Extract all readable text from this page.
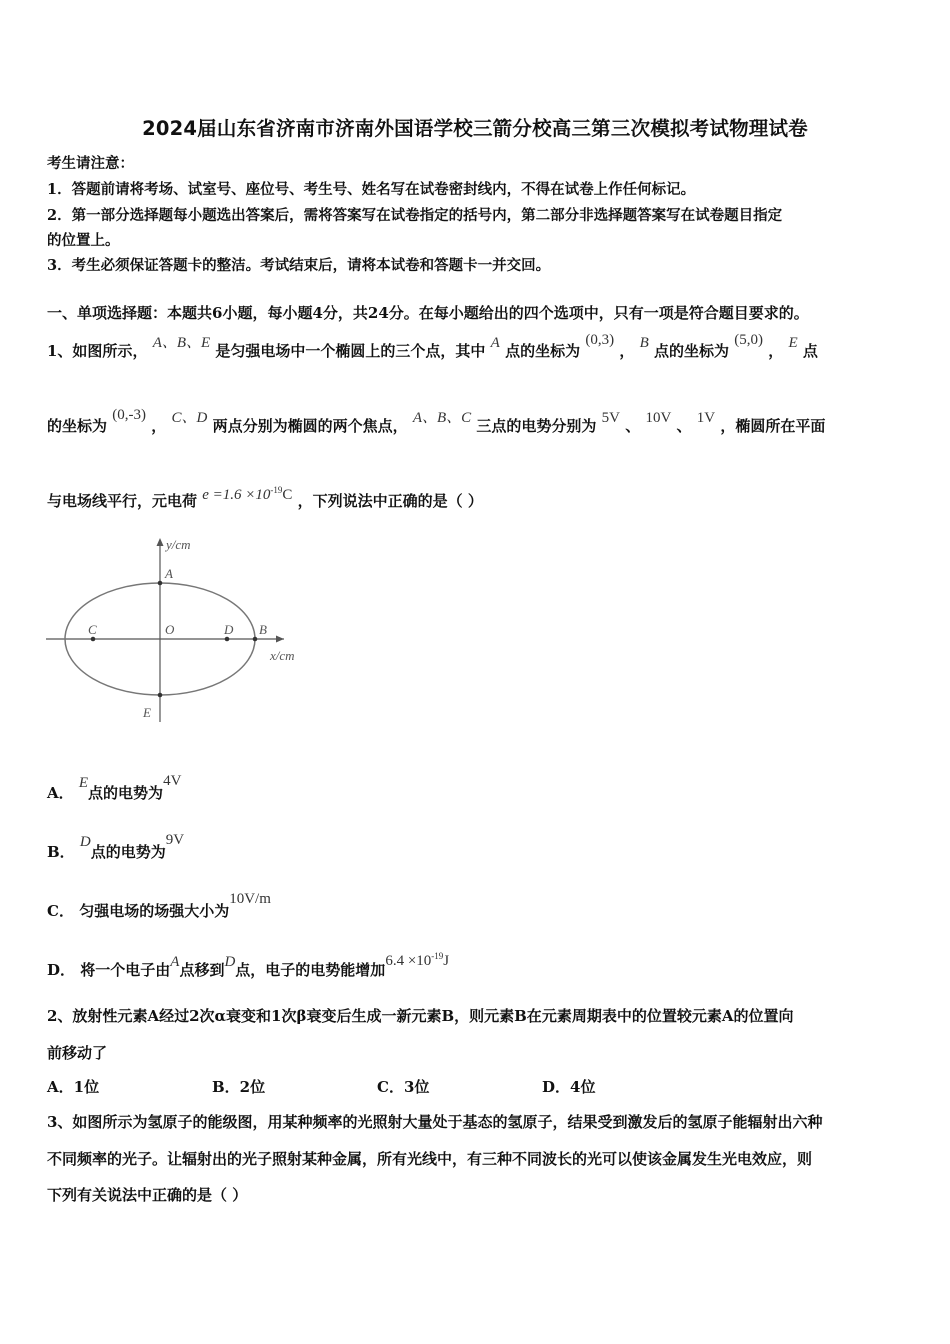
2024届山东省济南市济南外国语学校三箭分校高三第三次模拟考试物理试卷
考生请注意：
1．答题前请将考场、试室号、座位号、考生号、姓名写在试卷密封线内，不得在试卷上作任何标记。
2．第一部分选择题每小题选出答案后，需将答案写在试卷指定的括号内，第二部分非选择题答案写在试卷题目指定
的位置上。
3．考生必须保证答题卡的整洁。考试结束后，请将本试卷和答题卡一并交回。
一、单项选择题：本题共6小题，每小题4分，共24分。在每小题给出的四个选项中，只有一项是符合题目要求的。
1、如图所示， A、B、E 是匀强电场中一个椭圆上的三个点，其中 A 点的坐标为 (0,3) ， B 点的坐标为 (5,0) ， E 点
的坐标为 (0,-3) ， C、D 两点分别为椭圆的两个焦点， A、B、C 三点的电势分别为 5V 、 10V 、 1V ，椭圆所在平面
与电场线平行，元电荷 $e =1.6 \times 10^{-19}C$ ，下列说法中正确的是（ ）
y/cm
x/cm
A
B
C	D
O
E
A． E点的电势为4V
B． D点的电势为9V
C． 匀强电场的场强大小为10V/m
D． 将一个电子由A点移到D点，电子的电势能增加$6.4 \times 10^{-19}J$
2、放射性元素A经过2次α衰变和1次β衰变后生成一新元素B，则元素B在元素周期表中的位置较元素A的位置向
前移动了
A．1位	B．2位	C．3位	D．4位
3、如图所示为氢原子的能级图，用某种频率的光照射大量处于基态的氢原子，结果受到激发后的氢原子能辐射出六种
不同频率的光子。让辐射出的光子照射某种金属，所有光线中，有三种不同波长的光可以使该金属发生光电效应，则
下列有关说法中正确的是（ ）
